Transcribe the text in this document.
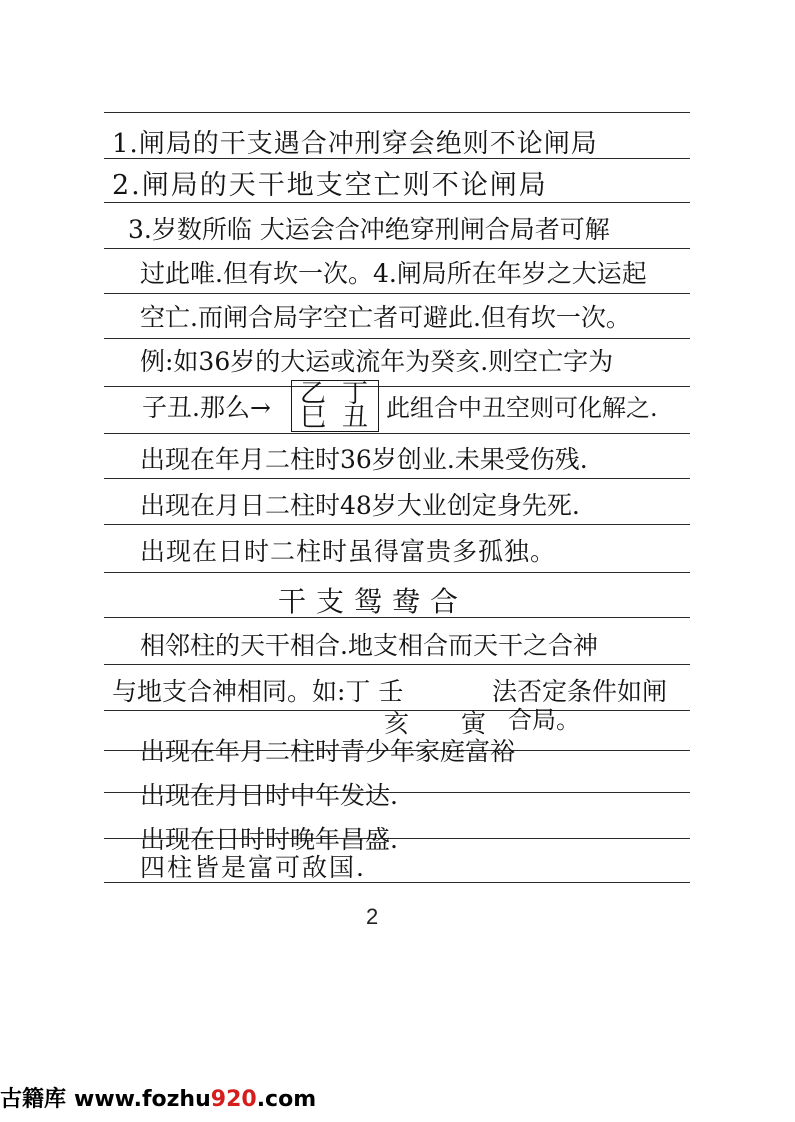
1.闸局的干支遇合冲刑穿会绝则不论闸局
2.闸局的天干地支空亡则不论闸局
3.岁数所临 大运会合冲绝穿刑闸合局者可解
过此唯.但有坎一次。4.闸局所在年岁之大运起
空亡.而闸合局字空亡者可避此.但有坎一次。
例:如36岁的大运或流年为癸亥.则空亡字为
子丑.那么→ 乙 丁
巳 丑 此组合中丑空则可化解之.
出现在年月二柱时36岁创业.未果受伤残.
出现在月日二柱时48岁大业创定身先死.
出现在日时二柱时虽得富贵多孤独。
干支鸳鸯合
相邻柱的天干相合.地支相合而天干之合神
与地支合神相同。如:丁 壬	法否定条件如闸
亥 寅 合局。
出现在年月二柱时青少年家庭富裕
出现在月日时中年发达.
出现在日时时晚年昌盛.
四柱皆是富可敌国.
2
古籍库 www.fozhu920.com
